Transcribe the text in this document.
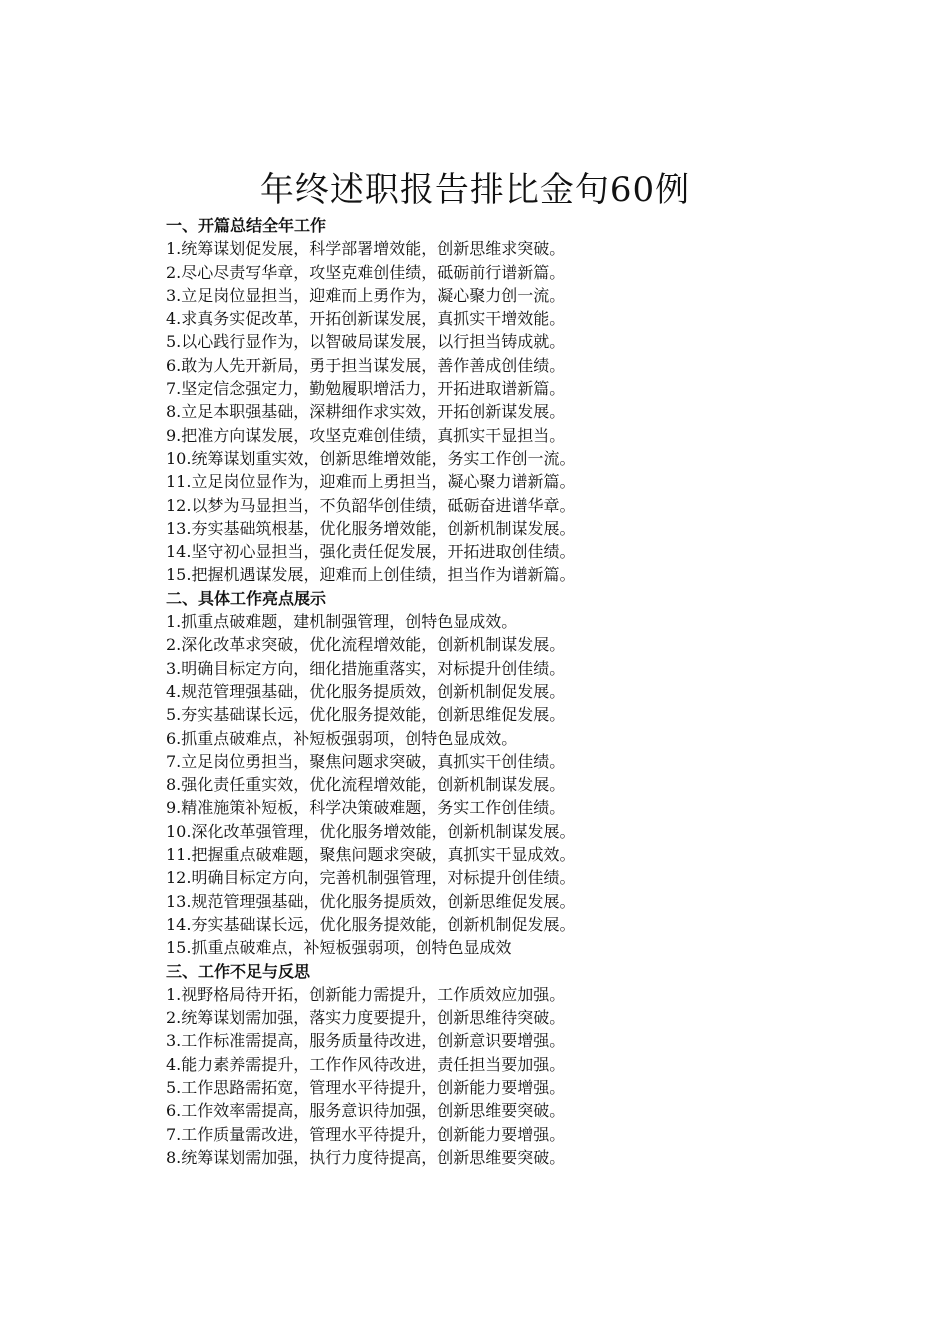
年终述职报告排比金句60例

一、开篇总结全年工作

1.统筹谋划促发展，科学部署增效能，创新思维求突破。

2.尽心尽责写华章，攻坚克难创佳绩，砥砺前行谱新篇。

3.立足岗位显担当，迎难而上勇作为，凝心聚力创一流。

4.求真务实促改革，开拓创新谋发展，真抓实干增效能。

5.以心践行显作为，以智破局谋发展，以行担当铸成就。

6.敢为人先开新局，勇于担当谋发展，善作善成创佳绩。

7.坚定信念强定力，勤勉履职增活力，开拓进取谱新篇。

8.立足本职强基础，深耕细作求实效，开拓创新谋发展。

9.把准方向谋发展，攻坚克难创佳绩，真抓实干显担当。

10.统筹谋划重实效，创新思维增效能，务实工作创一流。

11.立足岗位显作为，迎难而上勇担当，凝心聚力谱新篇。

12.以梦为马显担当，不负韶华创佳绩，砥砺奋进谱华章。

13.夯实基础筑根基，优化服务增效能，创新机制谋发展。

14.坚守初心显担当，强化责任促发展，开拓进取创佳绩。

15.把握机遇谋发展，迎难而上创佳绩，担当作为谱新篇。

二、具体工作亮点展示

1.抓重点破难题，建机制强管理，创特色显成效。

2.深化改革求突破，优化流程增效能，创新机制谋发展。

3.明确目标定方向，细化措施重落实，对标提升创佳绩。

4.规范管理强基础，优化服务提质效，创新机制促发展。

5.夯实基础谋长远，优化服务提效能，创新思维促发展。

6.抓重点破难点，补短板强弱项，创特色显成效。

7.立足岗位勇担当，聚焦问题求突破，真抓实干创佳绩。

8.强化责任重实效，优化流程增效能，创新机制谋发展。

9.精准施策补短板，科学决策破难题，务实工作创佳绩。

10.深化改革强管理，优化服务增效能，创新机制谋发展。

11.把握重点破难题，聚焦问题求突破，真抓实干显成效。

12.明确目标定方向，完善机制强管理，对标提升创佳绩。

13.规范管理强基础，优化服务提质效，创新思维促发展。

14.夯实基础谋长远，优化服务提效能，创新机制促发展。

15.抓重点破难点，补短板强弱项，创特色显成效

三、工作不足与反思

1.视野格局待开拓，创新能力需提升，工作质效应加强。

2.统筹谋划需加强，落实力度要提升，创新思维待突破。

3.工作标准需提高，服务质量待改进，创新意识要增强。

4.能力素养需提升，工作作风待改进，责任担当要加强。

5.工作思路需拓宽，管理水平待提升，创新能力要增强。

6.工作效率需提高，服务意识待加强，创新思维要突破。

7.工作质量需改进，管理水平待提升，创新能力要增强。

8.统筹谋划需加强，执行力度待提高，创新思维要突破。
